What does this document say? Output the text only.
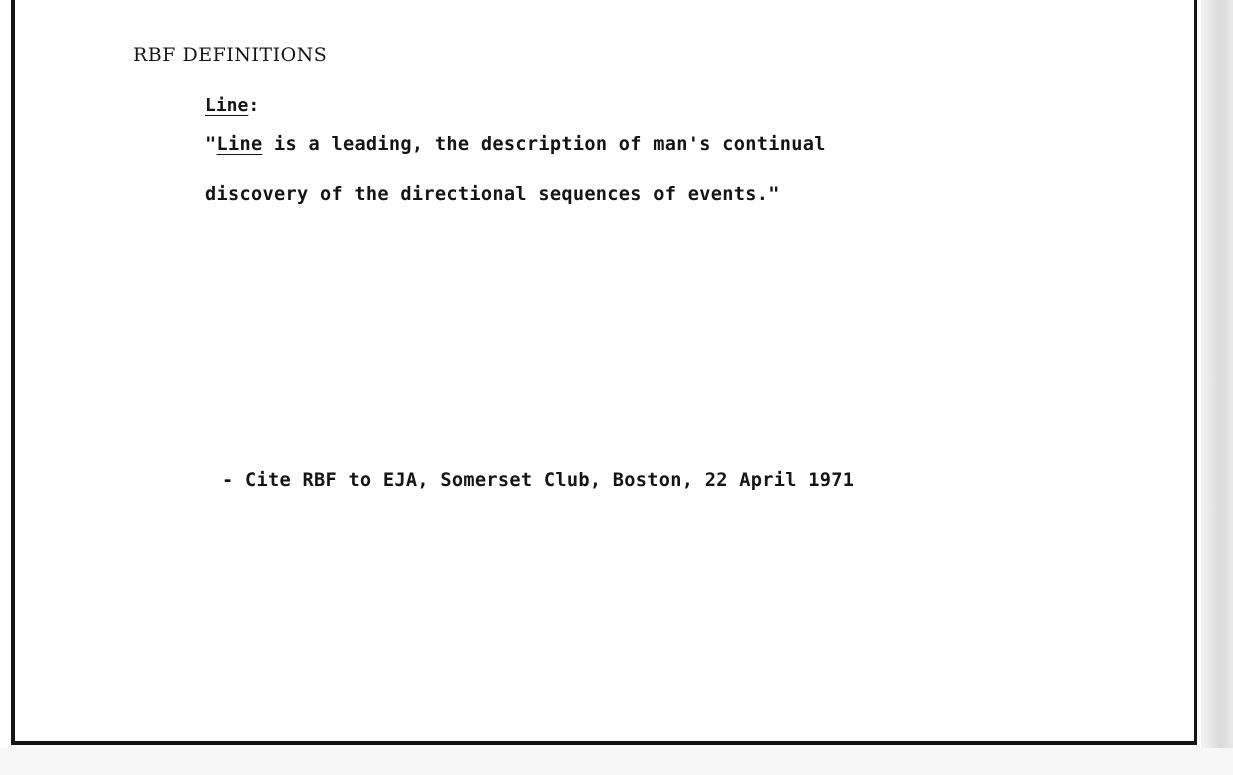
RBF DEFINITIONS
Line:
"Line is a leading, the description of man's continual
discovery of the directional sequences of events."
- Cite RBF to EJA, Somerset Club, Boston, 22 April 1971
